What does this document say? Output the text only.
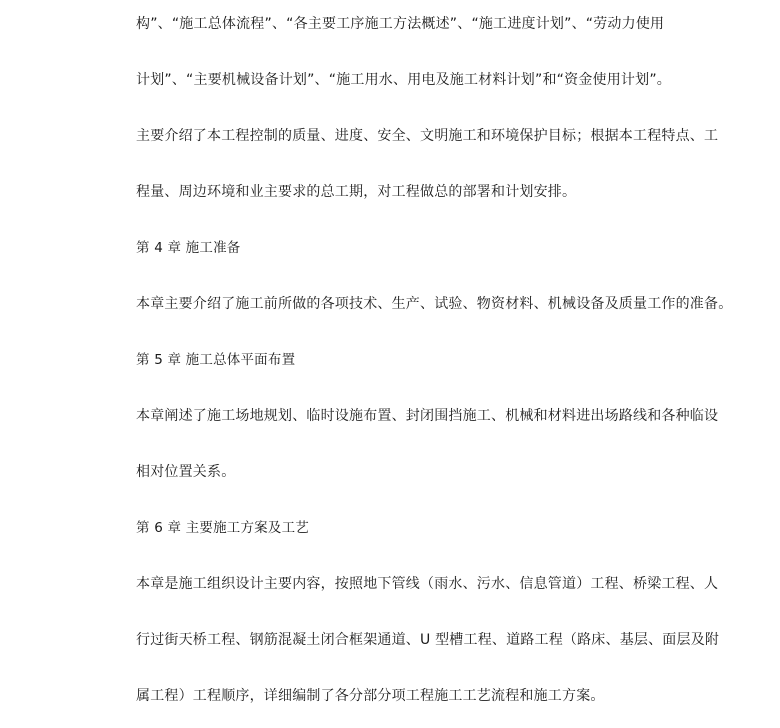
构”、“施工总体流程”、“各主要工序施工方法概述”、“施工进度计划”、“劳动力使用
计划”、“主要机械设备计划”、“施工用水、用电及施工材料计划”和“资金使用计划”。
主要介绍了本工程控制的质量、进度、安全、文明施工和环境保护目标；根据本工程特点、工
程量、周边环境和业主要求的总工期，对工程做总的部署和计划安排。
第 4 章 施工准备
本章主要介绍了施工前所做的各项技术、生产、试验、物资材料、机械设备及质量工作的准备。
第 5 章 施工总体平面布置
本章阐述了施工场地规划、临时设施布置、封闭围挡施工、机械和材料进出场路线和各种临设
相对位置关系。
第 6 章 主要施工方案及工艺
本章是施工组织设计主要内容，按照地下管线（雨水、污水、信息管道）工程、桥梁工程、人
行过街天桥工程、钢筋混凝土闭合框架通道、U 型槽工程、道路工程（路床、基层、面层及附
属工程）工程顺序，详细编制了各分部分项工程施工工艺流程和施工方案。
